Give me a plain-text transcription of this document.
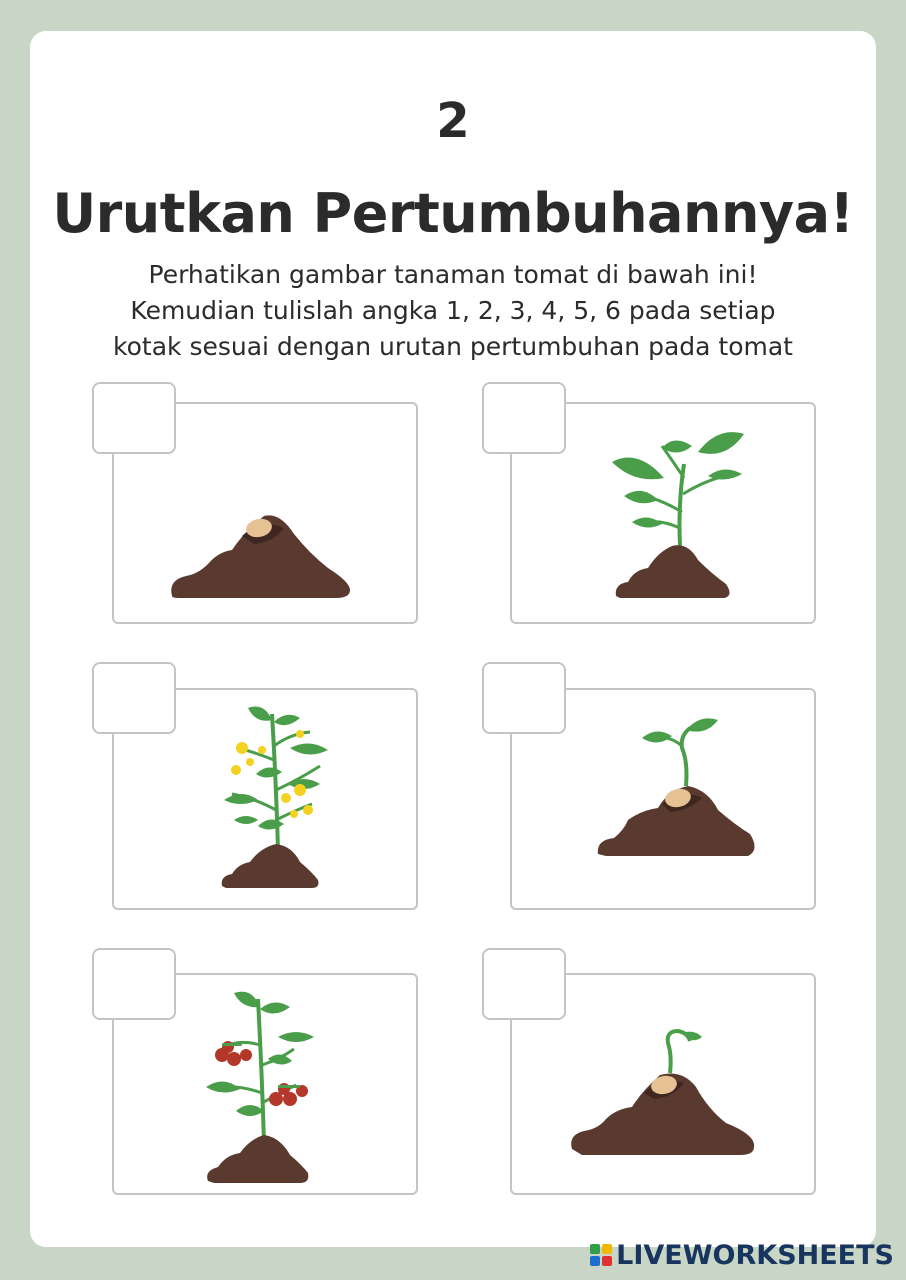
2
Urutkan Pertumbuhannya!
Perhatikan gambar tanaman tomat di bawah ini!
Kemudian tulislah angka 1, 2, 3, 4, 5, 6 pada setiap
kotak sesuai dengan urutan pertumbuhan pada tomat
LIVEWORKSHEETS
